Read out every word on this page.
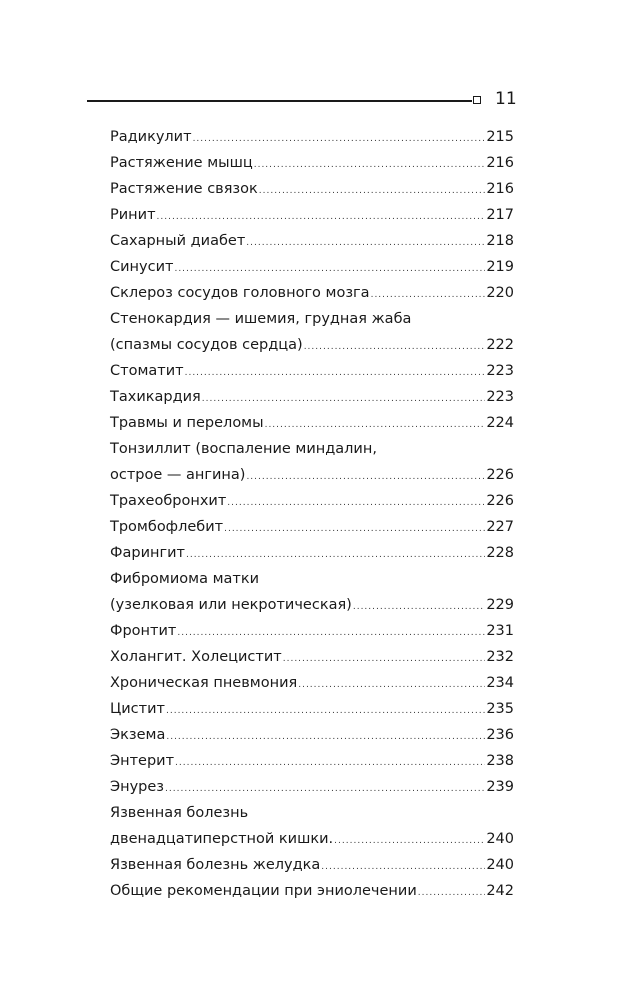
11
Радикулит .....	215
Растяжение мышц .....	216
Растяжение связок .....	216
Ринит .....	217
Сахарный диабет .....	218
Синусит .....	219
Склероз сосудов головного мозга .....	220
Стенокардия — ишемия, грудная жаба
(спазмы сосудов сердца) .....	222
Стоматит .....	223
Тахикардия .....	223
Травмы и переломы .....	224
Тонзиллит (воспаление миндалин,
острое — ангина) .....	226
Трахеобронхит .....	226
Тромбофлебит .....	227
Фарингит .....	228
Фибромиома матки
(узелковая или некротическая) .....	229
Фронтит .....	231
Холангит. Холецистит .....	232
Хроническая пневмония .....	234
Цистит .....	235
Экзема .....	236
Энтерит .....	238
Энурез .....	239
Язвенная болезнь
двенадцатиперстной кишки. .....	240
Язвенная болезнь желудка .....	240
Общие рекомендации при эниолечении .....	242
